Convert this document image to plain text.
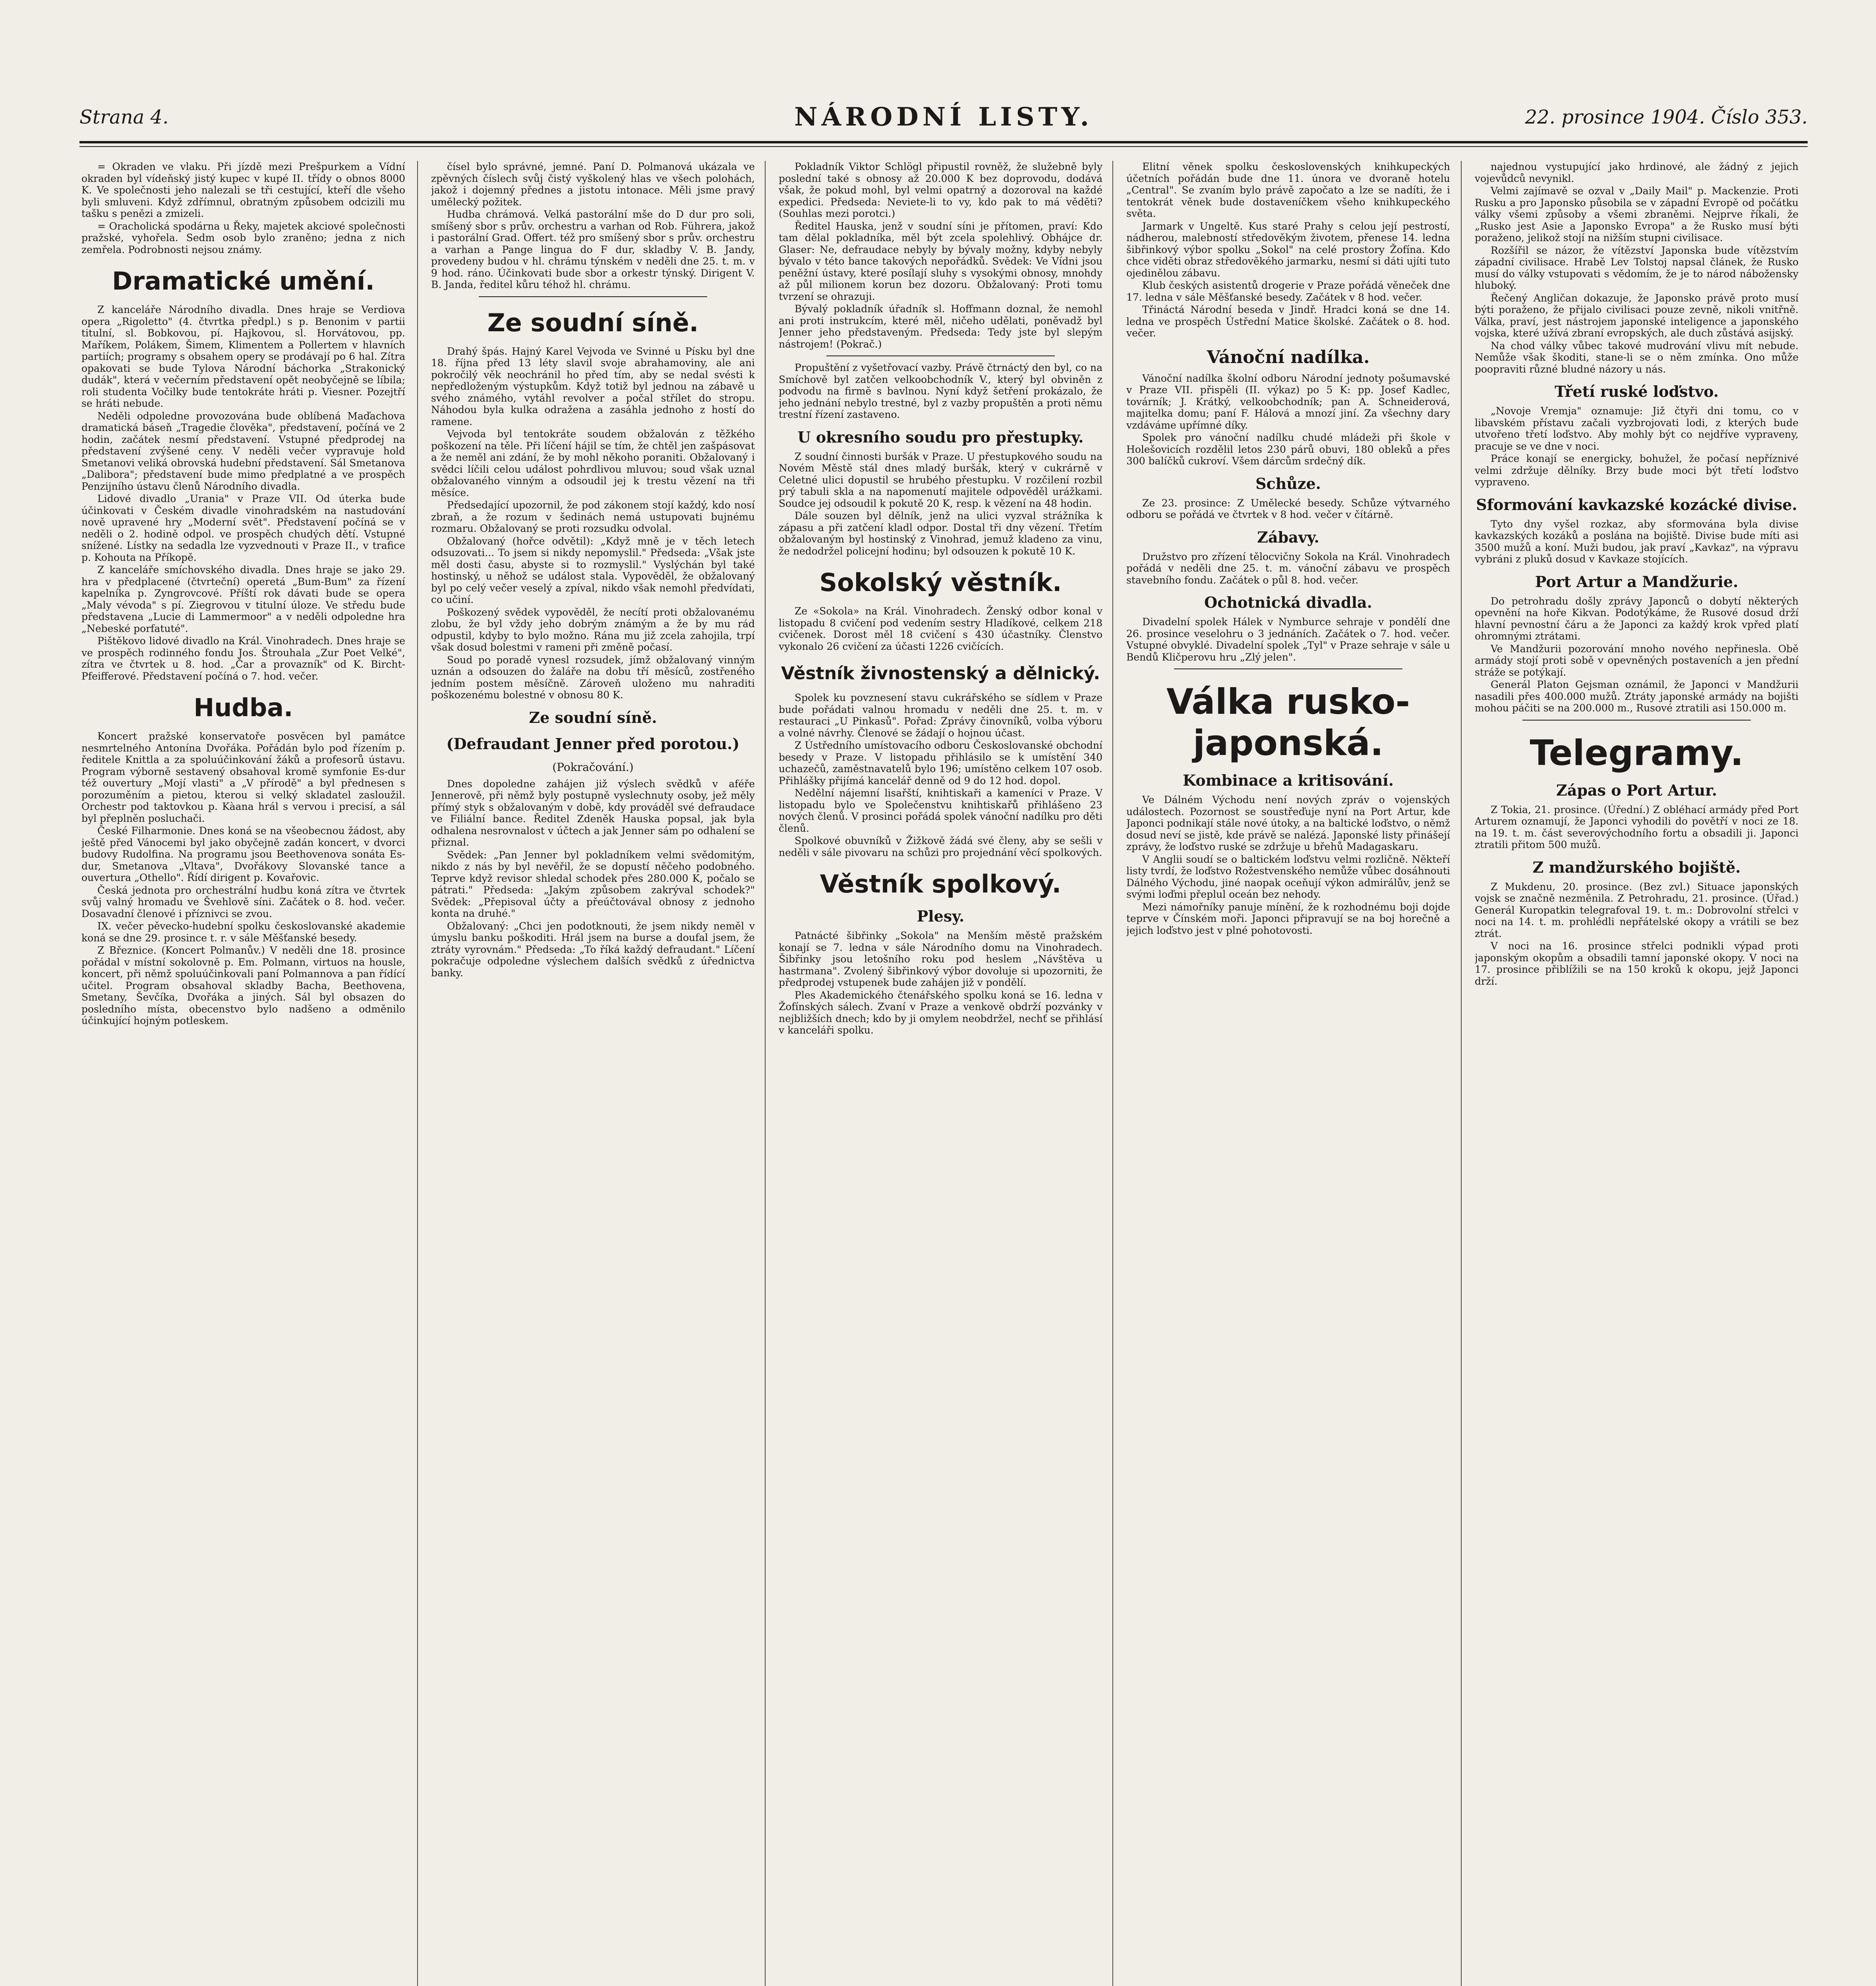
Strana 4.	NÁRODNÍ LISTY.	22. prosince 1904. Číslo 353.

= Okraden ve vlaku. Při jízdě mezi Prešpurkem a Vídní okraden byl vídeňský jistý kupec v kupé II. třídy o obnos 8000 K. Ve společnosti jeho nalezali se tři cestující, kteří dle všeho byli smluveni. Když zdřímnul, obratným způsobem odcizili mu tašku s penězi a zmizeli.

= Oracholická spodárna u Řeky, majetek akciové společnosti pražské, vyhořela. Sedm osob bylo zraněno; jedna z nich zemřela. Podrobnosti nejsou známy.

Dramatické umění.

Z kanceláře Národního divadla. Dnes hraje se Verdiova opera „Rigoletto" (4. čtvrtka předpl.) s p. Benonim v partii titulní, sl. Bobkovou, pí. Hajkovou, sl. Horvátovou, pp. Maříkem, Polákem, Šimem, Klimentem a Pollertem v hlavních partiích; programy s obsahem opery se prodávají po 6 hal. Zítra opakovati se bude Tylova Národní báchorka „Strakonický dudák", která v večerním představení opět neobyčejně se líbila; roli studenta Vočilky bude tentokráte hráti p. Viesner. Pozejtří se hráti nebude.

Neděli odpoledne provozována bude oblíbená Maďachova dramatická báseň „Tragedie člověka", představení, počíná ve 2 hodin, začátek nesmí představení. Vstupné předprodej na představení zvýšené ceny. V neděli večer vypravuje hold Smetanovi veliká obrovská hudební představení. Sál Smetanova „Dalibora"; představení bude mimo předplatné a ve prospěch Penzijního ústavu členů Národního divadla.

Lidové divadlo „Urania" v Praze VII. Od úterka bude účinkovati v Českém divadle vinohradském na nastudování nově upravené hry „Moderní svět". Představení počíná se v neděli o 2. hodině odpol. ve prospěch chudých dětí. Vstupné snížené. Lístky na sedadla lze vyzvednouti v Praze II., v trafice p. Kohouta na Příkopě.

Z kanceláře smíchovského divadla. Dnes hraje se jako 29. hra v předplacené (čtvrteční) operetá „Bum-Bum" za řízení kapelníka p. Zyngrovcové. Příští rok dávati bude se opera „Maly vévoda" s pí. Ziegrovou v titulní úloze. Ve středu bude představena „Lucie di Lammermoor" a v neděli odpoledne hra „Nebeské porfatuté".

Pištěkovo lidové divadlo na Král. Vinohradech. Dnes hraje se ve prospěch rodinného fondu Jos. Štrouhala „Zur Poet Velké", zítra ve čtvrtek u 8. hod. „Čar a provazník" od K. Bircht-Pfeifferové. Představení počíná o 7. hod. večer.

Hudba.

Koncert pražské konservatoře posvěcen byl památce nesmrtelného Antonína Dvořáka. Pořádán bylo pod řízením p. ředitele Knittla a za spoluúčinkování žáků a profesorů ústavu. Program výborně sestavený obsahoval kromě symfonie Es-dur též ouvertury „Mojí vlasti" a „V přírodě" a byl přednesen s porozuměním a pietou, kterou si velký skladatel zasloužil. Orchestr pod taktovkou p. Kàana hrál s vervou i precisí, a sál byl přeplněn posluchači.

České Filharmonie. Dnes koná se na všeobecnou žádost, aby ještě před Vánocemi byl jako obyčejně zadán koncert, v dvorci budovy Rudolfina. Na programu jsou Beethovenova sonáta Es-dur, Smetanova „Vltava", Dvořákovy Slovanské tance a ouvertura „Othello". Řídí dirigent p. Kovařovic.

Česká jednota pro orchestrální hudbu koná zítra ve čtvrtek svůj valný hromadu ve Švehlově síni. Začátek o 8. hod. večer. Dosavadní členové i příznivci se zvou.

IX. večer pěvecko-hudební spolku českoslovanské akademie koná se dne 29. prosince t. r. v sále Měšťanské besedy.

Z Březnice. (Koncert Polmanův.) V neděli dne 18. prosince pořádal v místní sokolovně p. Em. Polmann, virtuos na housle, koncert, při němž spoluúčinkovali paní Polmannova a pan řídící učitel. Program obsahoval skladby Bacha, Beethovena, Smetany, Ševčíka, Dvořáka a jiných. Sál byl obsazen do posledního místa, obecenstvo bylo nadšeno a odměnilo účinkující hojným potleskem.

čísel bylo správné, jemné. Paní D. Polmanová ukázala ve zpěvných číslech svůj čistý vyškolený hlas ve všech polohách, jakož i dojemný přednes a jistotu intonace. Měli jsme pravý umělecký požitek.

Hudba chrámová. Velká pastorální mše do D dur pro soli, smíšený sbor s prův. orchestru a varhan od Rob. Führera, jakož i pastorální Grad. Offert. též pro smíšený sbor s prův. orchestru a varhan a Pange lingua do F dur, skladby V. B. Jandy, provedeny budou v hl. chrámu týnském v neděli dne 25. t. m. v 9 hod. ráno. Účinkovati bude sbor a orkestr týnský. Dirigent V. B. Janda, ředitel kůru téhož hl. chrámu.

Ze soudní síně.

Drahý špás. Hajný Karel Vejvoda ve Svinné u Písku byl dne 18. října před 13 léty slavil svoje abrahamoviny, ale ani pokročilý věk neochránil ho před tím, aby se nedal svésti k nepředloženým výstupkům. Když totiž byl jednou na zábavě u svého známého, vytáhl revolver a počal střílet do stropu. Náhodou byla kulka odražena a zasáhla jednoho z hostí do ramene.

Vejvoda byl tentokráte soudem obžalován z těžkého poškození na těle. Při líčení hájil se tím, že chtěl jen zašpásovat a že neměl ani zdání, že by mohl někoho poraniti. Obžalovaný i svědci líčili celou událost pohrdlivou mluvou; soud však uznal obžalovaného vinným a odsoudil jej k trestu vězení na tři měsíce.

Předsedající upozornil, že pod zákonem stojí každý, kdo nosí zbraň, a že rozum v šedinách nemá ustupovati bujnému rozmaru. Obžalovaný se proti rozsudku odvolal.

Obžalovaný (hořce odvětil): „Když mně je v těch letech odsuzovati... To jsem si nikdy nepomyslil." Předseda: „Však jste měl dosti času, abyste si to rozmyslil." Vyslýchán byl také hostinský, u něhož se událost stala. Vypověděl, že obžalovaný byl po celý večer veselý a zpíval, nikdo však nemohl předvídati, co učiní.

Poškozený svědek vypověděl, že necítí proti obžalovanému zlobu, že byl vždy jeho dobrým známým a že by mu rád odpustil, kdyby to bylo možno. Rána mu již zcela zahojila, trpí však dosud bolestmi v rameni při změně počasí.

Soud po poradě vynesl rozsudek, jímž obžalovaný vinným uznán a odsouzen do žaláře na dobu tří měsíců, zostřeného jedním postem měsíčně. Zároveň uloženo mu nahraditi poškozenému bolestné v obnosu 80 K.

Ze soudní síně.
(Defraudant Jenner před porotou.)
(Pokračování.)

Dnes dopoledne zahájen již výslech svědků v aféře Jennerově, při němž byly postupně vyslechnuty osoby, jež měly přímý styk s obžalovaným v době, kdy prováděl své defraudace ve Filiální bance. Ředitel Zdeněk Hauska popsal, jak byla odhalena nesrovnalost v účtech a jak Jenner sám po odhalení se přiznal.

Svědek: „Pan Jenner byl pokladníkem velmi svědomitým, nikdo z nás by byl nevěřil, že se dopustí něčeho podobného. Teprve když revisor shledal schodek přes 280.000 K, počalo se pátrati." Předseda: „Jakým způsobem zakrýval schodek?" Svědek: „Přepisoval účty a přeúčtovával obnosy z jednoho konta na druhé."

Obžalovaný: „Chci jen podotknouti, že jsem nikdy neměl v úmyslu banku poškoditi. Hrál jsem na burse a doufal jsem, že ztráty vyrovnám." Předseda: „To říká každý defraudant." Líčení pokračuje odpoledne výslechem dalších svědků z úřednictva banky.

Pokladník Viktor Schlögl připustil rovněž, že služebně byly poslední také s obnosy až 20.000 K bez doprovodu, dodává však, že pokud mohl, byl velmi opatrný a dozoroval na každé expedici. Předseda: Neviete-li to vy, kdo pak to má věděti? (Souhlas mezi porotci.)

Ředitel Hauska, jenž v soudní síni je přítomen, praví: Kdo tam dělal pokladníka, měl být zcela spolehlivý. Obhájce dr. Glaser: Ne, defraudace nebyly by bývaly možny, kdyby nebyly bývalo v této bance takových nepořádků. Svědek: Ve Vídni jsou peněžní ústavy, které posílají sluhy s vysokými obnosy, mnohdy až půl milionem korun bez dozoru. Obžalovaný: Proti tomu tvrzení se ohrazuji.

Bývalý pokladník úřadník sl. Hoffmann doznal, že nemohl ani proti instrukcím, které měl, ničeho udělati, poněvadž byl Jenner jeho představeným. Předseda: Tedy jste byl slepým nástrojem! (Pokrač.)

Propuštění z vyšetřovací vazby. Právě čtrnáctý den byl, co na Smíchově byl zatčen velkoobchodník V., který byl obviněn z podvodu na firmě s bavlnou. Nyní když šetření prokázalo, že jeho jednání nebylo trestné, byl z vazby propuštěn a proti němu trestní řízení zastaveno.

U okresního soudu pro přestupky.

Z soudní činnosti buršák v Praze. U přestupkového soudu na Novém Městě stál dnes mladý buršák, který v cukrárně v Celetné ulici dopustil se hrubého přestupku. V rozčilení rozbil prý tabuli skla a na napomenutí majitele odpověděl urážkami. Soudce jej odsoudil k pokutě 20 K, resp. k vězení na 48 hodin.

Dále souzen byl dělník, jenž na ulici vyzval strážníka k zápasu a při zatčení kladl odpor. Dostal tři dny vězení. Třetím obžalovaným byl hostinský z Vinohrad, jemuž kladeno za vinu, že nedodržel policejní hodinu; byl odsouzen k pokutě 10 K.

Sokolský věstník.

Ze «Sokola» na Král. Vinohradech. Ženský odbor konal v listopadu 8 cvičení pod vedením sestry Hladíkové, celkem 218 cvičenek. Dorost měl 18 cvičení s 430 účastníky. Členstvo vykonalo 26 cvičení za účasti 1226 cvičících.

Věstník živnostenský a dělnický.

Spolek ku povznesení stavu cukrářského se sídlem v Praze bude pořádati valnou hromadu v neděli dne 25. t. m. v restauraci „U Pinkasů". Pořad: Zprávy činovníků, volba výboru a volné návrhy. Členové se žádají o hojnou účast.

Z Ústředního umístovacího odboru Českoslovanské obchodní besedy v Praze. V listopadu přihlásilo se k umístění 340 uchazečů, zaměstnavatelů bylo 196; umístěno celkem 107 osob. Přihlášky přijímá kancelář denně od 9 do 12 hod. dopol.

Nedělní nájemní lisařští, knihtiskaři a kameníci v Praze. V listopadu bylo ve Společenstvu knihtiskařů přihlášeno 23 nových členů. V prosinci pořádá spolek vánoční nadílku pro děti členů.

Spolkové obuvníků v Žižkově žádá své členy, aby se sešli v neděli v sále pivovaru na schůzi pro projednání věcí spolkových.

Věstník spolkový.
Plesy.

Patnácté šibřinky „Sokola" na Menším městě pražském konají se 7. ledna v sále Národního domu na Vinohradech. Šibřinky jsou letošního roku pod heslem „Návštěva u hastrmana". Zvolený šibřinkový výbor dovoluje si upozorniti, že předprodej vstupenek bude zahájen již v pondělí.

Ples Akademického čtenářského spolku koná se 16. ledna v Žofínských sálech. Zvaní v Praze a venkově obdrží pozvánky v nejbližších dnech; kdo by ji omylem neobdržel, nechť se přihlásí v kanceláři spolku.

Elitní věnek spolku československých knihkupeckých účetních pořádán bude dne 11. února ve dvoraně hotelu „Central". Se zvaním bylo právě započato a lze se nadíti, že i tentokrát věnek bude dostaveníčkem všeho knihkupeckého světa.

Jarmark v Ungeltě. Kus staré Prahy s celou její pestrostí, nádherou, malebností středověkým životem, přenese 14. ledna šibřinkový výbor spolku „Sokol" na celé prostory Žofína. Kdo chce viděti obraz středověkého jarmarku, nesmí si dáti ujíti tuto ojedinělou zábavu.

Klub českých asistentů drogerie v Praze pořádá věneček dne 17. ledna v sále Měšťanské besedy. Začátek v 8 hod. večer.

Třináctá Národní beseda v Jindř. Hradci koná se dne 14. ledna ve prospěch Ústřední Matice školské. Začátek o 8. hod. večer.

Vánoční nadílka.

Vánoční nadílka školní odboru Národní jednoty pošumavské v Praze VII. přispěli (II. výkaz) po 5 K: pp. Josef Kadlec, továrník; J. Krátký, velkoobchodník; pan A. Schneiderová, majitelka domu; paní F. Hálová a mnozí jiní. Za všechny dary vzdáváme upřímné díky.

Spolek pro vánoční nadílku chudé mládeži při škole v Holešovicích rozdělil letos 230 párů obuvi, 180 obleků a přes 300 balíčků cukroví. Všem dárcům srdečný dík.

Schůze.

Ze 23. prosince: Z Umělecké besedy. Schůze výtvarného odboru se pořádá ve čtvrtek v 8 hod. večer v čítárně.

Zábavy.

Družstvo pro zřízení tělocvičny Sokola na Král. Vinohradech pořádá v neděli dne 25. t. m. vánoční zábavu ve prospěch stavebního fondu. Začátek o půl 8. hod. večer.

Ochotnická divadla.

Divadelní spolek Hálek v Nymburce sehraje v pondělí dne 26. prosince veselohru o 3 jednáních. Začátek o 7. hod. večer. Vstupné obvyklé. Divadelní spolek „Tyl" v Praze sehraje v sále u Bendů Kličperovu hru „Zlý jelen".

Válka rusko-japonská.
Kombinace a kritisování.

Ve Dálném Východu není nových zpráv o vojenských událostech. Pozornost se soustřeďuje nyní na Port Artur, kde Japonci podnikají stále nové útoky, a na baltické loďstvo, o němž dosud neví se jistě, kde právě se nalézá. Japonské listy přinášejí zprávy, že loďstvo ruské se zdržuje u břehů Madagaskaru.

V Anglii soudí se o baltickém loďstvu velmi rozličně. Někteří listy tvrdí, že loďstvo Rožestvenského nemůže vůbec dosáhnouti Dálného Východu, jiné naopak oceňují výkon admirálův, jenž se svými loďmi přeplul oceán bez nehody.

Mezi námořníky panuje mínění, že k rozhodnému boji dojde teprve v Čínském moři. Japonci připravují se na boj horečně a jejich loďstvo jest v plné pohotovosti.

najednou vystupující jako hrdinové, ale žádný z jejich vojevůdců nevynikl.

Velmi zajímavě se ozval v „Daily Mail" p. Mackenzie. Proti Rusku a pro Japonsko působila se v západní Evropě od počátku války všemi způsoby a všemi zbraněmi. Nejprve říkali, že „Rusko jest Asie a Japonsko Evropa" a že Rusko musí býti poraženo, jelikož stojí na nižším stupni civilisace.

Rozšířil se názor, že vítězství Japonska bude vítězstvím západní civilisace. Hrabě Lev Tolstoj napsal článek, že Rusko musí do války vstupovati s vědomím, že je to národ nábožensky hluboký.

Řečený Angličan dokazuje, že Japonsko právě proto musí býti poraženo, že přijalo civilisaci pouze zevně, nikoli vnitřně. Válka, praví, jest nástrojem japonské inteligence a japonského vojska, které užívá zbraní evropských, ale duch zůstává asijský.

Na chod války vůbec takové mudrování vlivu mít nebude. Nemůže však škoditi, stane-li se o něm zmínka. Ono může poopraviti různé bludné názory u nás.

Třetí ruské loďstvo.

„Novoje Vremja" oznamuje: Již čtyři dni tomu, co v libavském přístavu začali vyzbrojovati lodi, z kterých bude utvořeno třetí loďstvo. Aby mohly být co nejdříve vypraveny, pracuje se ve dne v noci.

Práce konají se energicky, bohužel, že počasí nepříznivé velmi zdržuje dělníky. Brzy bude moci být třetí loďstvo vypraveno.

Sformování kavkazské kozácké divise.

Tyto dny vyšel rozkaz, aby sformována byla divise kavkazských kozáků a poslána na bojiště. Divise bude míti asi 3500 mužů a koní. Muži budou, jak praví „Kavkaz", na výpravu vybráni z pluků dosud v Kavkaze stojících.

Port Artur a Mandžurie.

Do petrohradu došly zprávy Japonců o dobytí některých opevnění na hoře Kikvan. Podotýkáme, že Rusové dosud drží hlavní pevnostní čáru a že Japonci za každý krok vpřed platí ohromnými ztrátami.

Ve Mandžurii pozorování mnoho nového nepřinesla. Obě armády stojí proti sobě v opevněných postaveních a jen přední stráže se potýkají.

Generál Platon Gejsman oznámil, že Japonci v Mandžurii nasadili přes 400.000 mužů. Ztráty japonské armády na bojišti mohou páčiti se na 200.000 m., Rusové ztratili asi 150.000 m.

Telegramy.
Zápas o Port Artur.

Z Tokia, 21. prosince. (Úřední.) Z obléhací armády před Port Arturem oznamují, že Japonci vyhodili do povětří v noci ze 18. na 19. t. m. část severovýchodního fortu a obsadili ji. Japonci ztratili přitom 500 mužů.

Z mandžurského bojiště.

Z Mukdenu, 20. prosince. (Bez zvl.) Situace japonských vojsk se značně nezměnila. Z Petrohradu, 21. prosince. (Úřad.) Generál Kuropatkin telegrafoval 19. t. m.: Dobrovolní střelci v noci na 14. t. m. prohlédli nepřátelské okopy a vrátili se bez ztrát.

V noci na 16. prosince střelci podnikli výpad proti japonským okopům a obsadili tamní japonské okopy. V noci na 17. prosince přiblížili se na 150 kroků k okopu, jejž Japonci drží.
